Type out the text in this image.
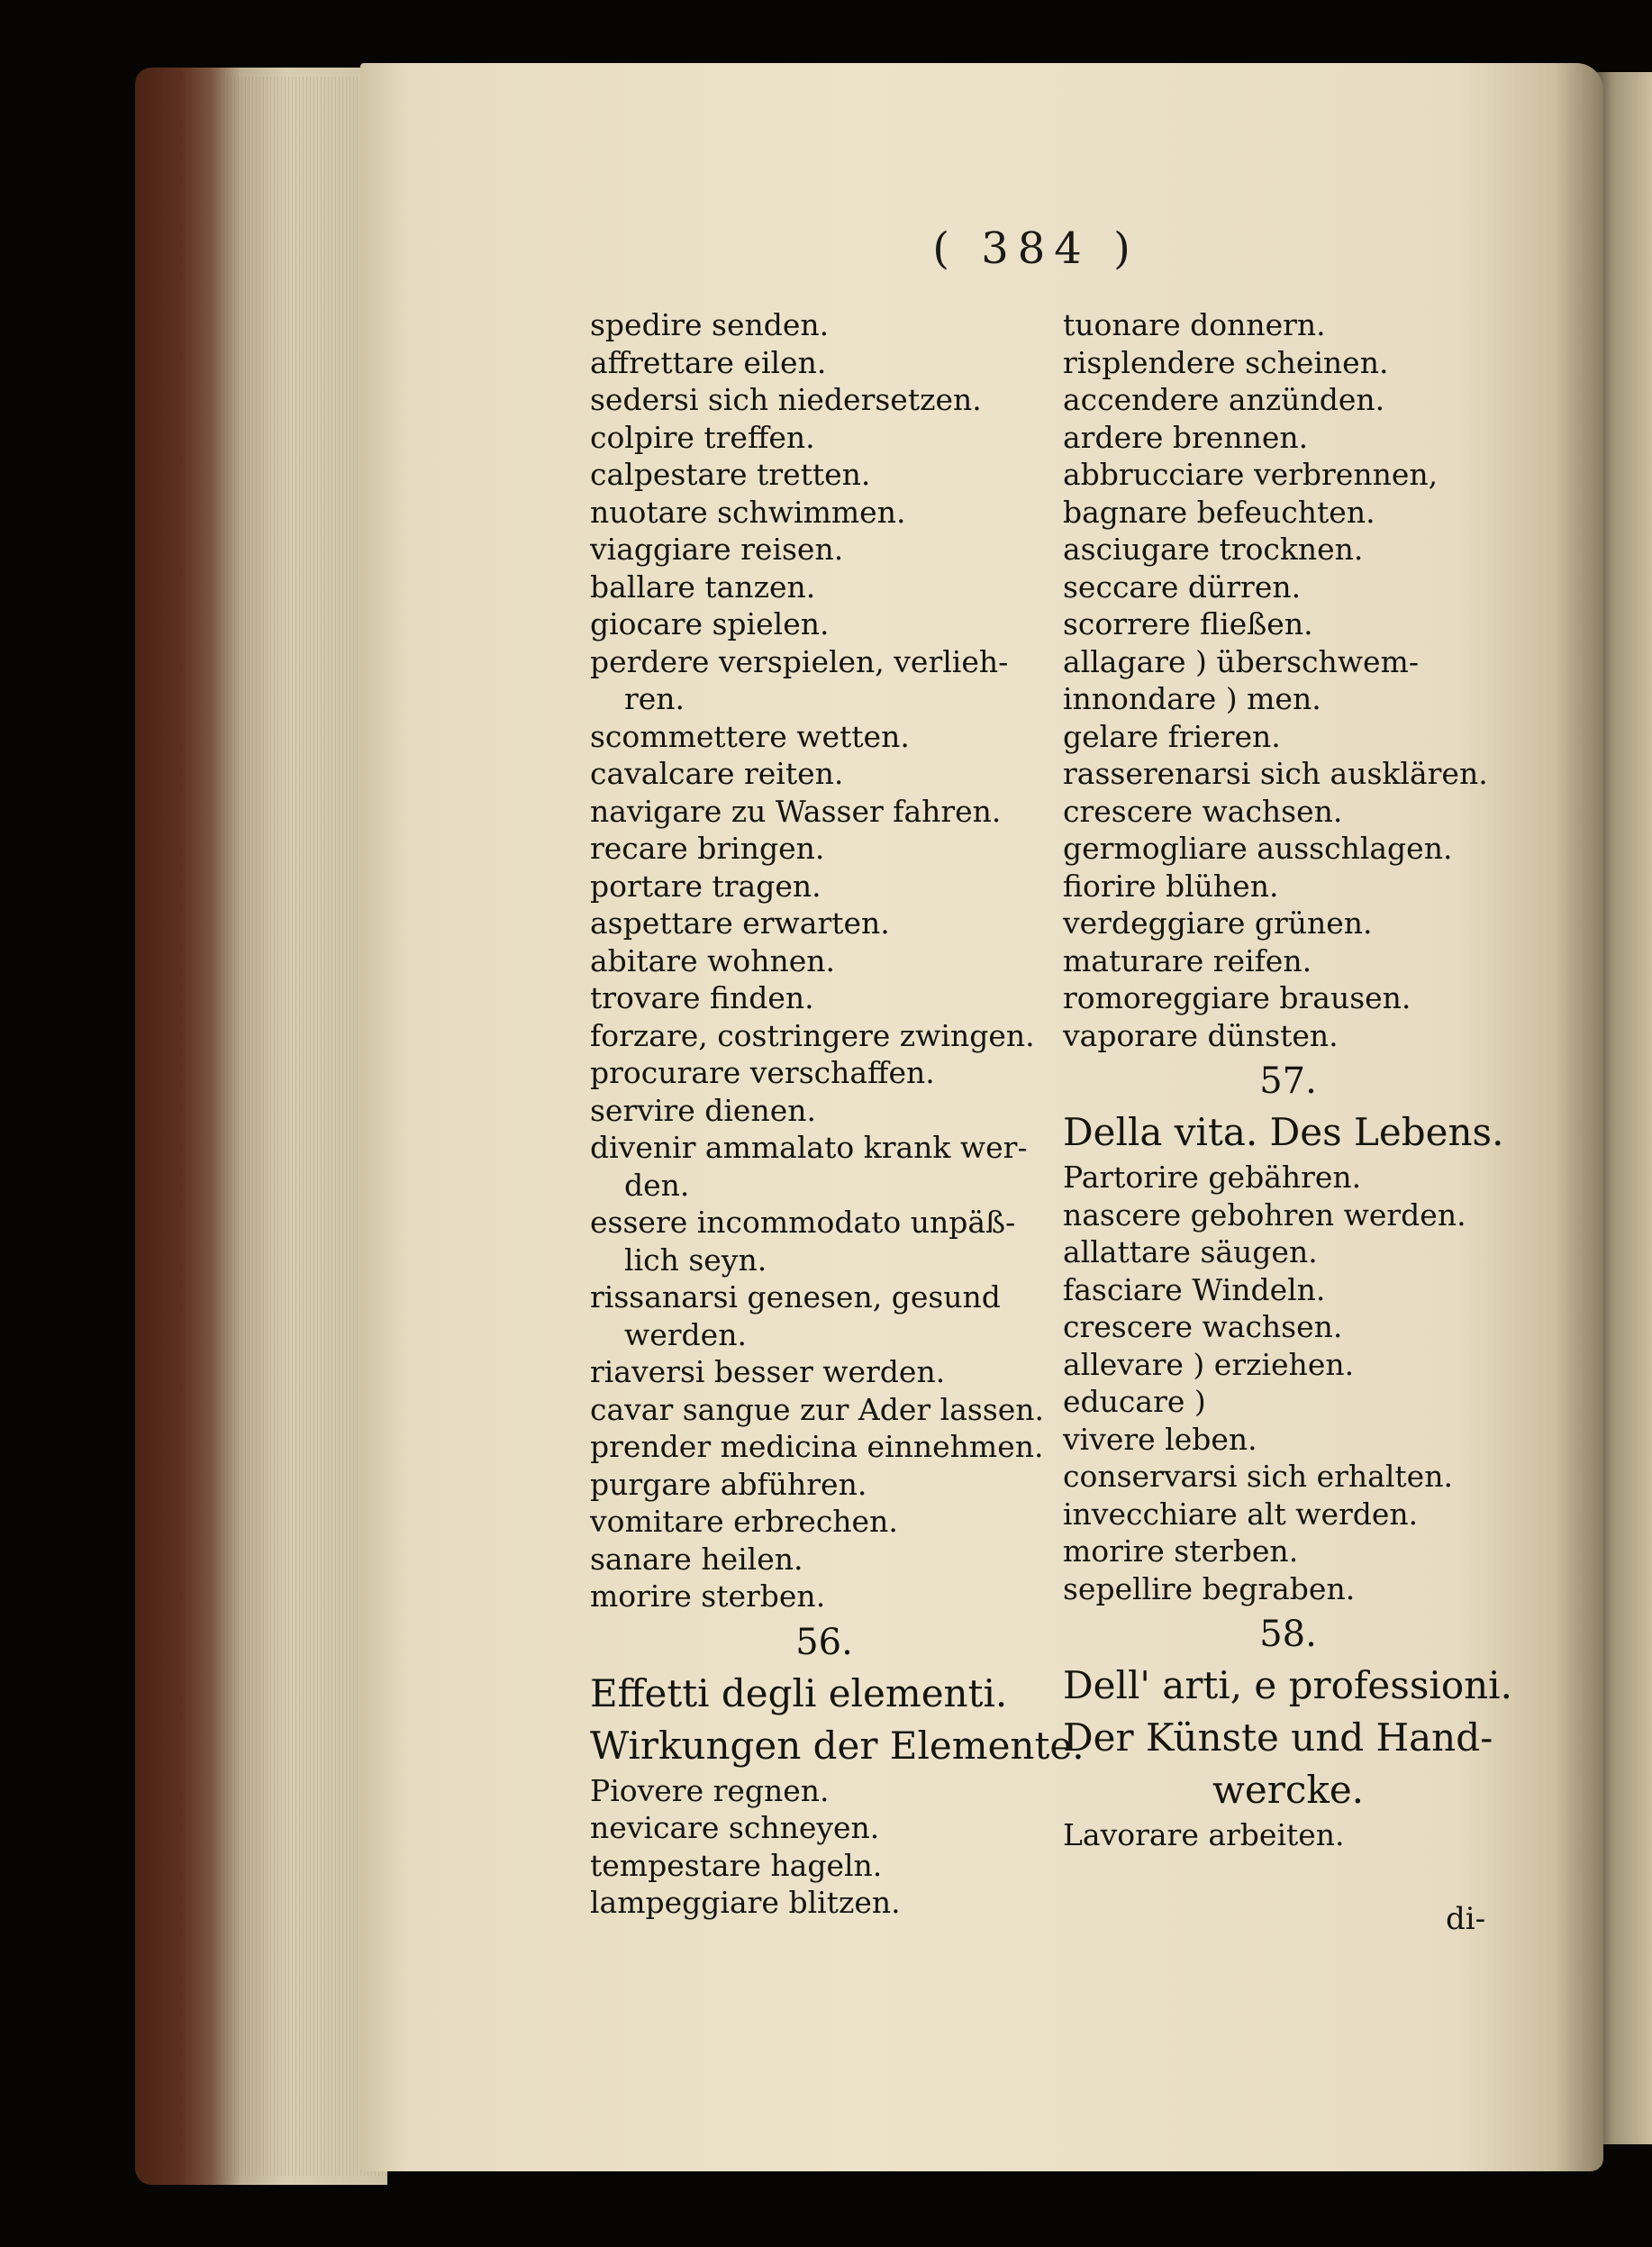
( 384 )

spedire senden.

affrettare eilen.

sedersi sich niedersetzen.

colpire treffen.

calpestare tretten.

nuotare schwimmen.

viaggiare reisen.

ballare tanzen.

giocare spielen.

perdere verspielen, verlieh-

ren.

scommettere wetten.

cavalcare reiten.

navigare zu Wasser fahren.

recare bringen.

portare tragen.

aspettare erwarten.

abitare wohnen.

trovare finden.

forzare, costringere zwingen.

procurare verschaffen.

servire dienen.

divenir ammalato krank wer-

den.

essere incommodato unpäß-

lich seyn.

rissanarsi genesen, gesund

werden.

riaversi besser werden.

cavar sangue zur Ader lassen.

prender medicina einnehmen.

purgare abführen.

vomitare erbrechen.

sanare heilen.

morire sterben.

56.

Effetti degli elementi.

Wirkungen der Elemente.

Piovere regnen.

nevicare schneyen.

tempestare hageln.

lampeggiare blitzen.

tuonare donnern.

risplendere scheinen.

accendere anzünden.

ardere brennen.

abbrucciare verbrennen,

bagnare befeuchten.

asciugare trocknen.

seccare dürren.

scorrere fließen.

allagare ) überschwem-

innondare ) men.

gelare frieren.

rasserenarsi sich ausklären.

crescere wachsen.

germogliare ausschlagen.

fiorire blühen.

verdeggiare grünen.

maturare reifen.

romoreggiare brausen.

vaporare dünsten.

57.

Della vita. Des Lebens.

Partorire gebähren.

nascere gebohren werden.

allattare säugen.

fasciare Windeln.

crescere wachsen.

allevare ) erziehen.

educare )

vivere leben.

conservarsi sich erhalten.

invecchiare alt werden.

morire sterben.

sepellire begraben.

58.

Dell' arti, e professioni.

Der Künste und Hand-

wercke.

Lavorare arbeiten.

di-
